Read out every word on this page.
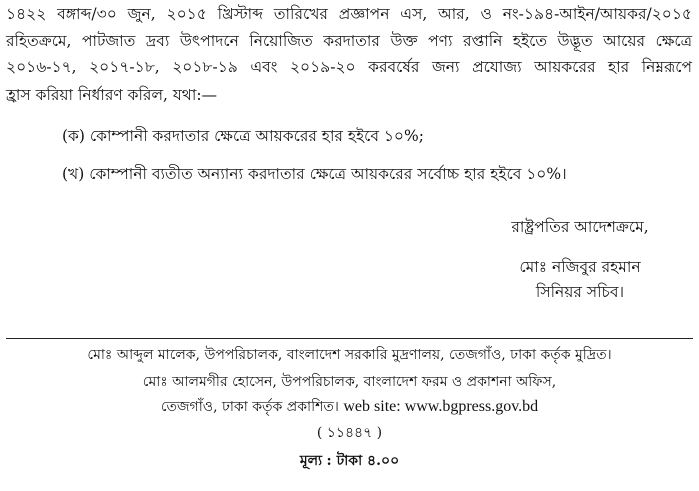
১৪২২ বঙ্গাব্দ/৩০ জুন, ২০১৫ খ্রিস্টাব্দ তারিখের প্রজ্ঞাপন এস, আর, ও নং-১৯৪-আইন/আয়কর/২০১৫
রহিতক্রমে, পাটজাত দ্রব্য উৎপাদনে নিয়োজিত করদাতার উক্ত পণ্য রপ্তানি হইতে উদ্ভূত আয়ের ক্ষেত্রে
২০১৬-১৭, ২০১৭-১৮, ২০১৮-১৯ এবং ২০১৯-২০ করবর্ষের জন্য প্রযোজ্য আয়করের হার নিম্নরূপে
হ্রাস করিয়া নির্ধারণ করিল, যথা:—
(ক) কোম্পানী করদাতার ক্ষেত্রে আয়করের হার হইবে ১০%;
(খ) কোম্পানী ব্যতীত অন্যান্য করদাতার ক্ষেত্রে আয়করের সর্বোচ্চ হার হইবে ১০%।
রাষ্ট্রপতির আদেশক্রমে,
মোঃ নজিবুর রহমান
সিনিয়র সচিব।
মোঃ আব্দুল মালেক, উপপরিচালক, বাংলাদেশ সরকারি মুদ্রণালয়, তেজগাঁও, ঢাকা কর্তৃক মুদ্রিত।
মোঃ আলমগীর হোসেন, উপপরিচালক, বাংলাদেশ ফরম ও প্রকাশনা অফিস,
তেজগাঁও, ঢাকা কর্তৃক প্রকাশিত। web site: www.bgpress.gov.bd
( ১১৪৪৭ )
মূল্য : টাকা ৪.০০
